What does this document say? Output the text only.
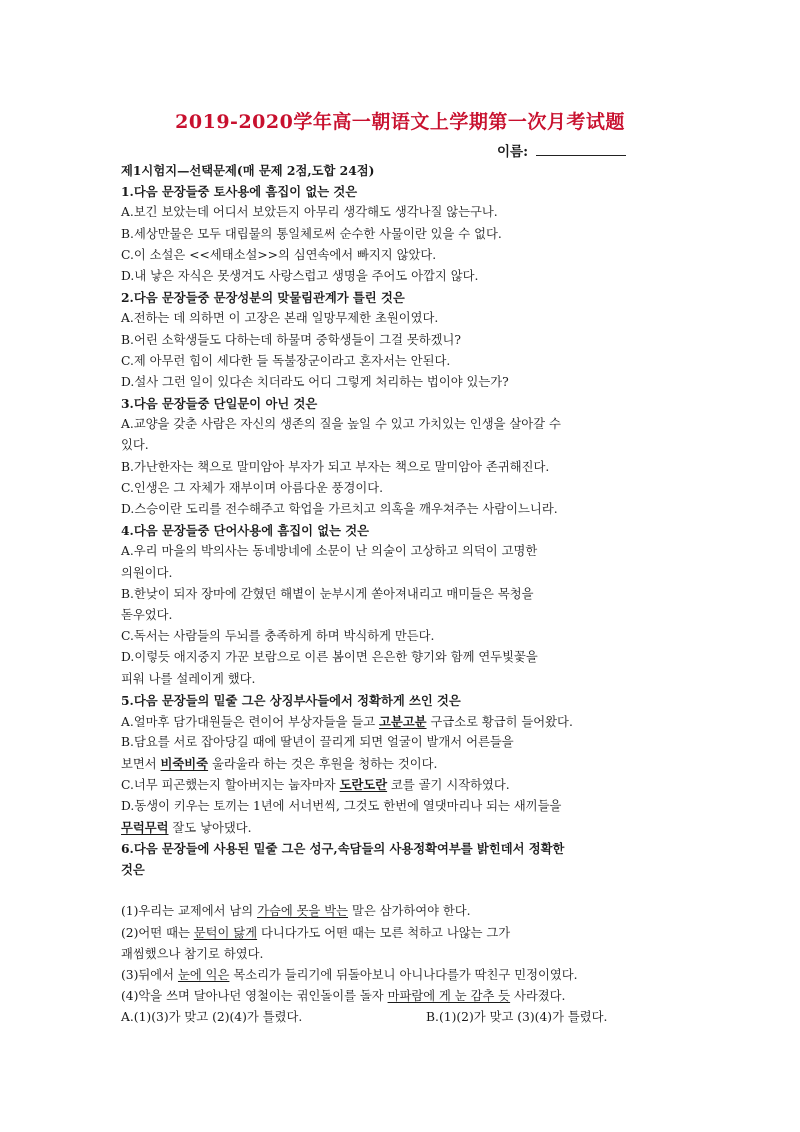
2019-2020学年高一朝语文上学期第一次月考试题
이름:
제1시험지—선택문제(매 문제 2점,도합 24점)
1.다음 문장들중 토사용에 흠집이 없는 것은
A.보긴 보았는데 어디서 보았든지 아무리 생각해도 생각나질 않는구나.
B.세상만물은 모두 대립물의 통일체로써 순수한 사물이란 있을 수 없다.
C.이 소설은 <<세태소설>>의 심연속에서 빠지지 않았다.
D.내 낳은 자식은 못생겨도 사랑스럽고 생명을 주어도 아깝지 않다.
2.다음 문장들중 문장성분의 맞물림관계가 틀린 것은
A.전하는 데 의하면 이 고장은 본래 일망무제한 초원이였다.
B.어린 소학생들도 다하는데 하물며 중학생들이 그걸 못하겠니?
C.제 아무런 힘이 세다한 들 독불장군이라고 혼자서는 안된다.
D.설사 그런 일이 있다손 치더라도 어디 그렇게 처리하는 법이야 있는가?
3.다음 문장들중 단일문이 아닌 것은
A.교양을 갖춘 사람은 자신의 생존의 질을 높일 수 있고 가치있는 인생을 살아갈 수
있다.
B.가난한자는 책으로 말미암아 부자가 되고 부자는 책으로 말미암아 존귀해진다.
C.인생은 그 자체가 재부이며 아름다운 풍경이다.
D.스승이란 도리를 전수해주고 학업을 가르치고 의혹을 깨우쳐주는 사람이느니라.
4.다음 문장들중 단어사용에 흠집이 없는 것은
A.우리 마을의 박의사는 동네방네에 소문이 난 의술이 고상하고 의덕이 고명한
의원이다.
B.한낮이 되자 장마에 갇혔던 해볕이 눈부시게 쏟아져내리고 매미들은 목청을
돋우었다.
C.독서는 사람들의 두뇌를 충족하게 하며 박식하게 만든다.
D.이렇듯 애지중지 가꾼 보람으로 이른 봄이면 은은한 향기와 함께 연두빛꽃을
피워 나를 설레이게 했다.
5.다음 문장들의 밑줄 그은 상징부사들에서 정확하게 쓰인 것은
A.얼마후 담가대원들은 련이어 부상자들을 들고 고분고분 구급소로 황급히 들어왔다.
B.담요를 서로 잡아당길 때에 딸년이 끌리게 되면 얼굴이 발개서 어른들을
보면서 비죽비죽 울라울라 하는 것은 후원을 청하는 것이다.
C.너무 피곤했는지 할아버지는 눕자마자 도란도란 코를 골기 시작하였다.
D.동생이 키우는 토끼는 1년에 서너번씩, 그것도 한번에 열댓마리나 되는 새끼들을
무럭무럭 잘도 낳아댔다.
6.다음 문장들에 사용된 밑줄 그은 성구,속담들의 사용정확여부를 밝힌데서 정확한
것은
(1)우리는 교제에서 남의 가슴에 못을 박는 말은 삼가하여야 한다.
(2)어떤 때는 문턱이 닳게 다니다가도 어떤 때는 모른 척하고 나않는 그가
괘씸했으나 참기로 하였다.
(3)뒤에서 눈에 익은 목소리가 들리기에 뒤돌아보니 아니나다를가 딱친구 민정이였다.
(4)악을 쓰며 달아나던 영철이는 귂인돌이를 돌자 마파람에 게 눈 감추 듯 사라졌다.
A.(1)(3)가 맞고 (2)(4)가 틀렸다.	B.(1)(2)가 맞고 (3)(4)가 틀렸다.
